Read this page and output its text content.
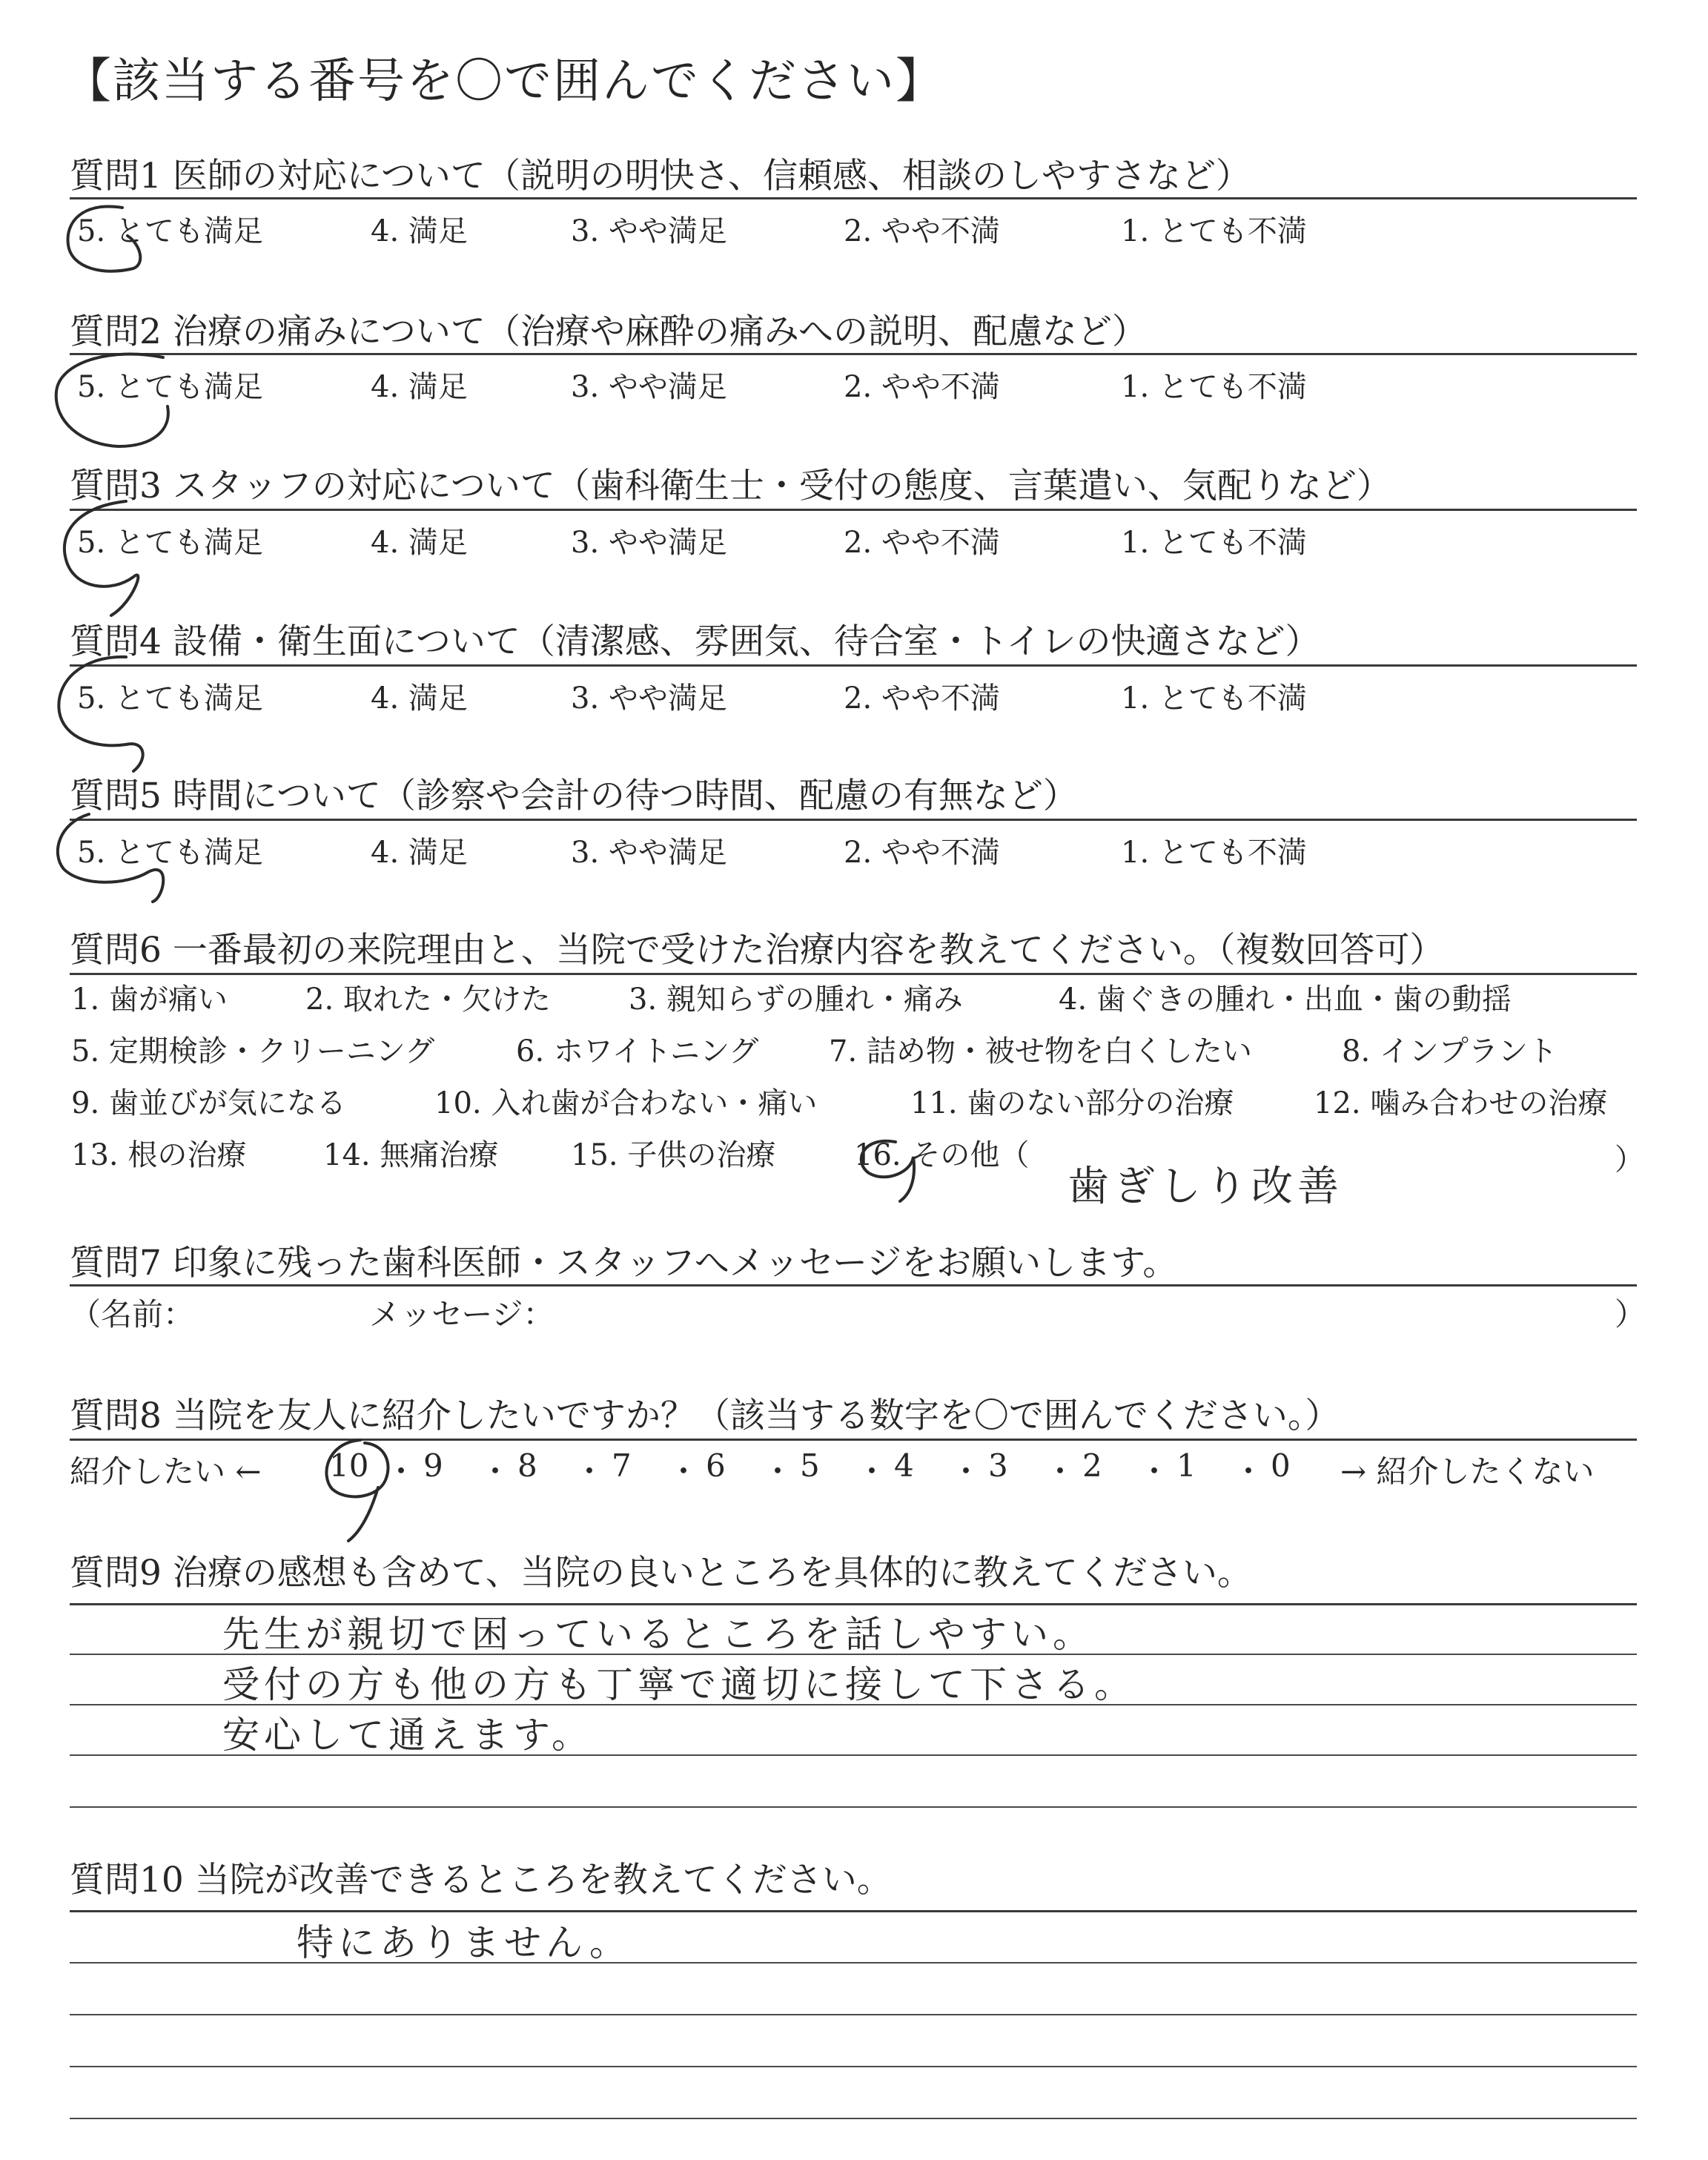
【該当する番号を〇で囲んでください】
質問1 医師の対応について（説明の明快さ、信頼感、相談のしやすさなど）
5. とても満足	4. 満足	3. やや満足	2. やや不満	1. とても不満
質問2 治療の痛みについて（治療や麻酔の痛みへの説明、配慮など）
5. とても満足	4. 満足	3. やや満足	2. やや不満	1. とても不満
質問3 スタッフの対応について（歯科衛生士・受付の態度、言葉遣い、気配りなど）
5. とても満足	4. 満足	3. やや満足	2. やや不満	1. とても不満
質問4 設備・衛生面について（清潔感、雰囲気、待合室・トイレの快適さなど）
5. とても満足	4. 満足	3. やや満足	2. やや不満	1. とても不満
質問5 時間について（診察や会計の待つ時間、配慮の有無など）
5. とても満足	4. 満足	3. やや満足	2. やや不満	1. とても不満
質問6 一番最初の来院理由と、当院で受けた治療内容を教えてください。（複数回答可）
1. 歯が痛い	2. 取れた・欠けた	3. 親知らずの腫れ・痛み	4. 歯ぐきの腫れ・出血・歯の動揺
5. 定期検診・クリーニング	6. ホワイトニング 7. 詰め物・被せ物を白くしたい	8. インプラント
9. 歯並びが気になる	10. 入れ歯が合わない・痛い	11. 歯のない部分の治療	12. 噛み合わせの治療
13. 根の治療	14. 無痛治療 15. 子供の治療	16. その他（	）
歯ぎしり改善
質問7 印象に残った歯科医師・スタッフへメッセージをお願いします。
（名前：	メッセージ：	）
質問8 当院を友人に紹介したいですか？（該当する数字を〇で囲んでください。）
紹介したい ← 10 ・ 9 ・ 8 ・ 7 ・ 6 ・ 5 ・ 4 ・ 3 ・ 2 ・ 1 ・ 0 → 紹介したくない
質問9 治療の感想も含めて、当院の良いところを具体的に教えてください。
先生が親切で困っているところを話しやすい。
受付の方も他の方も丁寧で適切に接して下さる。
安心して通えます。
質問10 当院が改善できるところを教えてください。
特にありません。
